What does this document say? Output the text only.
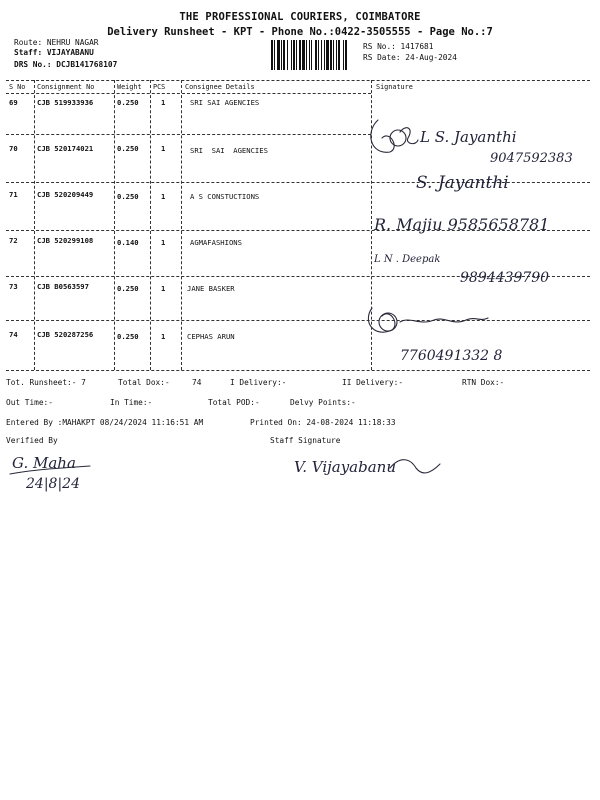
THE PROFESSIONAL COURIERS, COIMBATORE
Delivery Runsheet - KPT - Phone No.:0422-3505555 - Page No.:7
Route: NEHRU NAGAR
Staff: VIJAYABANU
DRS No.: DCJB141768107
RS No.: 1417681
RS Date: 24-Aug-2024
S No Consignment No	Weight PCS	Consignee Details	Signature
69	CJB 519933936	0.250	1	SRI SAI AGENCIES
70	CJB 520174021	0.250	1	SRI  SAI  AGENCIES
71	CJB 520209449	0.250	1	A S CONSTUCTIONS
72	CJB 520299108	0.140	1	AGMAFASHIONS
73	CJB B0563597	0.250	1	JANE BASKER
74	CJB 520287256	0.250	1	CEPHAS ARUN
L S. Jayanthi
9047592383
S. Jayanthi
R. Majiu 9585658781
L N . Deepak
9894439790
7760491332 8
Tot. Runsheet:- 7	Total Dox:-	74	I Delivery:-	II Delivery:-	RTN Dox:-
Out Time:-	In Time:-	Total POD:-	Delvy Points:-
Entered By :MAHAKPT 08/24/2024 11:16:51 AM	Printed On: 24-08-2024 11:18:33
Verified By	Staff Signature
G. Maha
24|8|24
V. Vijayabanu
